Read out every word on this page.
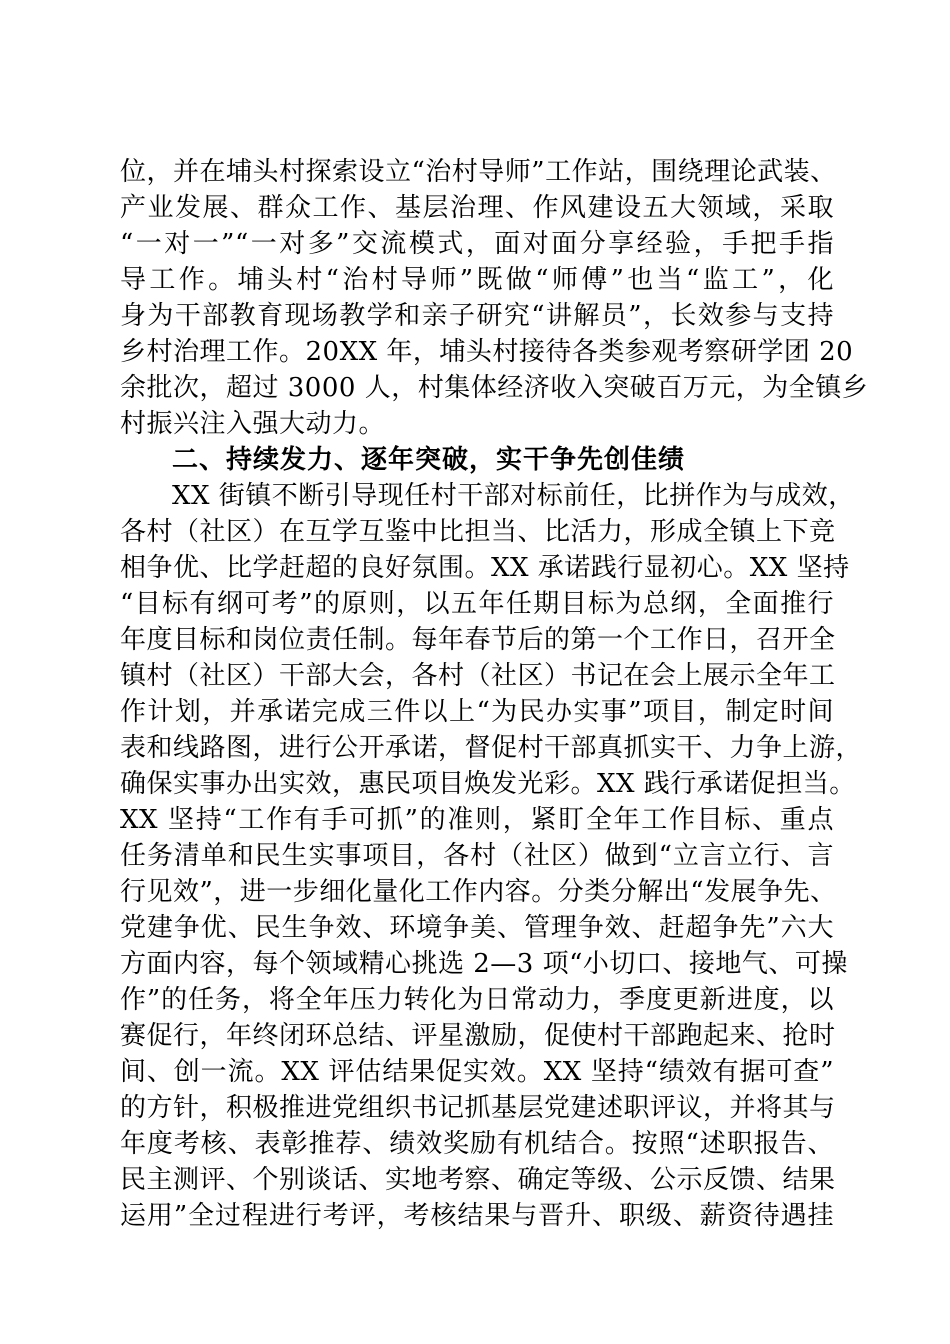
位，并在埔头村探索设立“治村导师”工作站，围绕理论武装、
产业发展、群众工作、基层治理、作风建设五大领域，采取
“一对一”“一对多”交流模式，面对面分享经验，手把手指
导工作。埔头村“治村导师”既做“师傅”也当“监工”，化
身为干部教育现场教学和亲子研究“讲解员”，长效参与支持
乡村治理工作。20XX 年，埔头村接待各类参观考察研学团 20
余批次，超过 3000 人，村集体经济收入突破百万元，为全镇乡
村振兴注入强大动力。
二、持续发力、逐年突破，实干争先创佳绩
XX 街镇不断引导现任村干部对标前任，比拼作为与成效，
各村（社区）在互学互鉴中比担当、比活力，形成全镇上下竞
相争优、比学赶超的良好氛围。XX 承诺践行显初心。XX 坚持
“目标有纲可考”的原则，以五年任期目标为总纲，全面推行
年度目标和岗位责任制。每年春节后的第一个工作日，召开全
镇村（社区）干部大会，各村（社区）书记在会上展示全年工
作计划，并承诺完成三件以上“为民办实事”项目，制定时间
表和线路图，进行公开承诺，督促村干部真抓实干、力争上游，
确保实事办出实效，惠民项目焕发光彩。XX 践行承诺促担当。
XX 坚持“工作有手可抓”的准则，紧盯全年工作目标、重点
任务清单和民生实事项目，各村（社区）做到“立言立行、言
行见效”，进一步细化量化工作内容。分类分解出“发展争先、
党建争优、民生争效、环境争美、管理争效、赶超争先”六大
方面内容，每个领域精心挑选 2—3 项“小切口、接地气、可操
作”的任务，将全年压力转化为日常动力，季度更新进度，以
赛促行，年终闭环总结、评星激励，促使村干部跑起来、抢时
间、创一流。XX 评估结果促实效。XX 坚持“绩效有据可查”
的方针，积极推进党组织书记抓基层党建述职评议，并将其与
年度考核、表彰推荐、绩效奖励有机结合。按照“述职报告、
民主测评、个别谈话、实地考察、确定等级、公示反馈、结果
运用”全过程进行考评，考核结果与晋升、职级、薪资待遇挂
